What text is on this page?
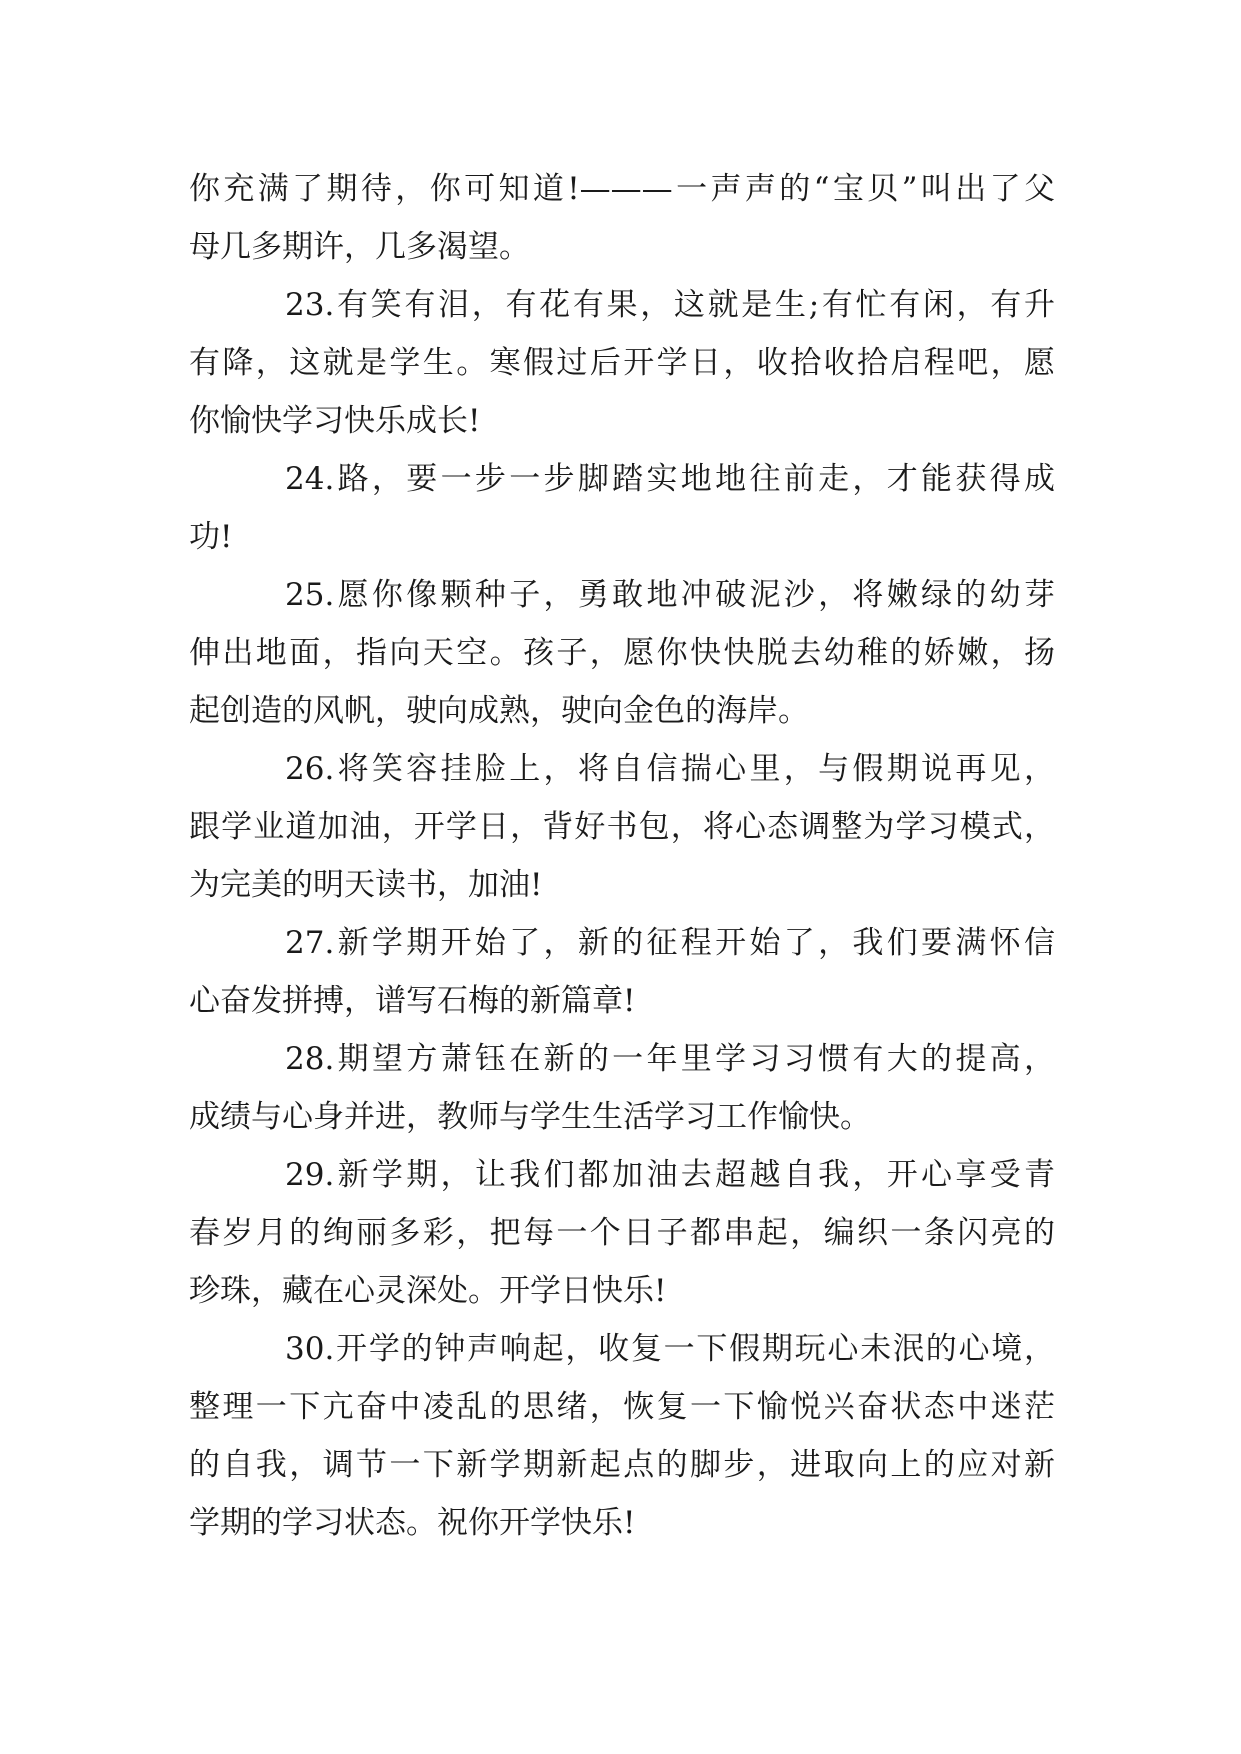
你充满了期待，你可知道!———一声声的“宝贝”叫出了父
母几多期许，几多渴望。
23.有笑有泪，有花有果，这就是生;有忙有闲，有升
有降，这就是学生。寒假过后开学日，收拾收拾启程吧，愿
你愉快学习快乐成长!
24.路，要一步一步脚踏实地地往前走，才能获得成
功!
25.愿你像颗种子，勇敢地冲破泥沙，将嫩绿的幼芽
伸出地面，指向天空。孩子，愿你快快脱去幼稚的娇嫩，扬
起创造的风帆，驶向成熟，驶向金色的海岸。
26.将笑容挂脸上，将自信揣心里，与假期说再见，
跟学业道加油，开学日，背好书包，将心态调整为学习模式，
为完美的明天读书，加油!
27.新学期开始了，新的征程开始了，我们要满怀信
心奋发拼搏，谱写石梅的新篇章!
28.期望方萧钰在新的一年里学习习惯有大的提高，
成绩与心身并进，教师与学生生活学习工作愉快。
29.新学期，让我们都加油去超越自我，开心享受青
春岁月的绚丽多彩，把每一个日子都串起，编织一条闪亮的
珍珠，藏在心灵深处。开学日快乐!
30.开学的钟声响起，收复一下假期玩心未泯的心境，
整理一下亢奋中凌乱的思绪，恢复一下愉悦兴奋状态中迷茫
的自我，调节一下新学期新起点的脚步，进取向上的应对新
学期的学习状态。祝你开学快乐!
